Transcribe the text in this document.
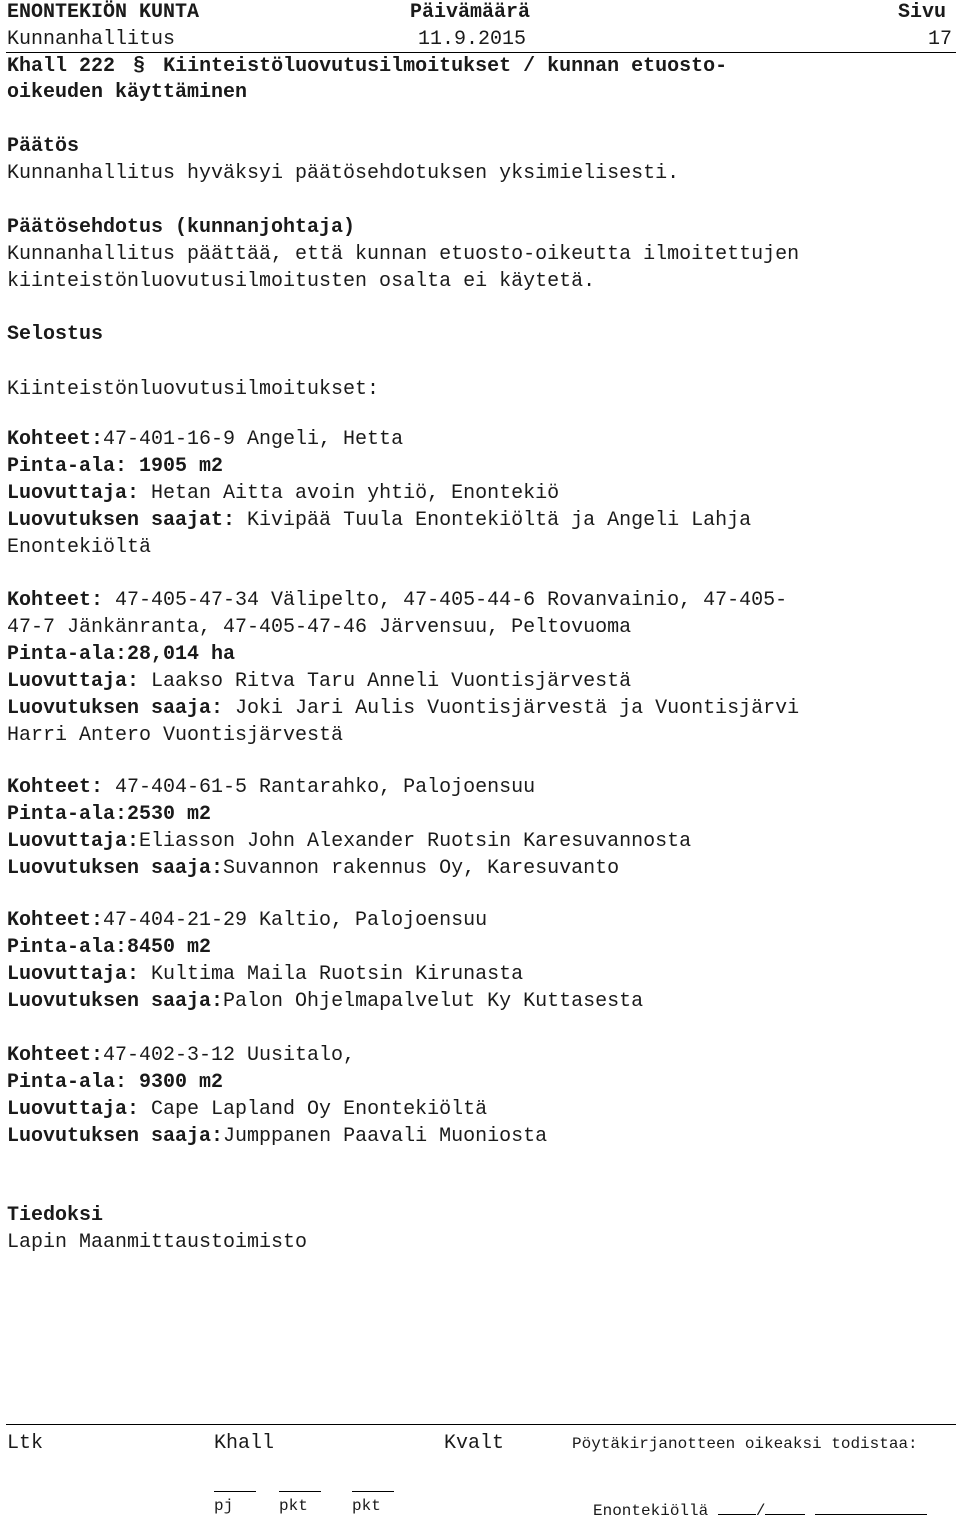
ENONTEKIÖN KUNTA	Päivämäärä	Sivu
Kunnanhallitus	11.9.2015	17
Khall 222 § Kiinteistöluovutusilmoitukset / kunnan etuosto-
oikeuden käyttäminen
Päätös
Kunnanhallitus hyväksyi päätösehdotuksen yksimielisesti.
Päätösehdotus (kunnanjohtaja)
Kunnanhallitus päättää, että kunnan etuosto-oikeutta ilmoitettujen
kiinteistönluovutusilmoitusten osalta ei käytetä.
Selostus
Kiinteistönluovutusilmoitukset:
Kohteet:47-401-16-9 Angeli, Hetta
Pinta-ala: 1905 m2
Luovuttaja: Hetan Aitta avoin yhtiö, Enontekiö
Luovutuksen saajat: Kivipää Tuula Enontekiöltä ja Angeli Lahja
Enontekiöltä
Kohteet: 47-405-47-34 Välipelto, 47-405-44-6 Rovanvainio, 47-405-
47-7 Jänkänranta, 47-405-47-46 Järvensuu, Peltovuoma
Pinta-ala:28,014 ha
Luovuttaja: Laakso Ritva Taru Anneli Vuontisjärvestä
Luovutuksen saaja: Joki Jari Aulis Vuontisjärvestä ja Vuontisjärvi
Harri Antero Vuontisjärvestä
Kohteet: 47-404-61-5 Rantarahko, Palojoensuu
Pinta-ala:2530 m2
Luovuttaja:Eliasson John Alexander Ruotsin Karesuvannosta
Luovutuksen saaja:Suvannon rakennus Oy, Karesuvanto
Kohteet:47-404-21-29 Kaltio, Palojoensuu
Pinta-ala:8450 m2
Luovuttaja: Kultima Maila Ruotsin Kirunasta
Luovutuksen saaja:Palon Ohjelmapalvelut Ky Kuttasesta
Kohteet:47-402-3-12 Uusitalo,
Pinta-ala: 9300 m2
Luovuttaja: Cape Lapland Oy Enontekiöltä
Luovutuksen saaja:Jumppanen Paavali Muoniosta
Tiedoksi
Lapin Maanmittaustoimisto
Ltk	Khall	Kvalt	Pöytäkirjanotteen oikeaksi todistaa:
pj	pkt	pkt	Enontekiöllä	/
